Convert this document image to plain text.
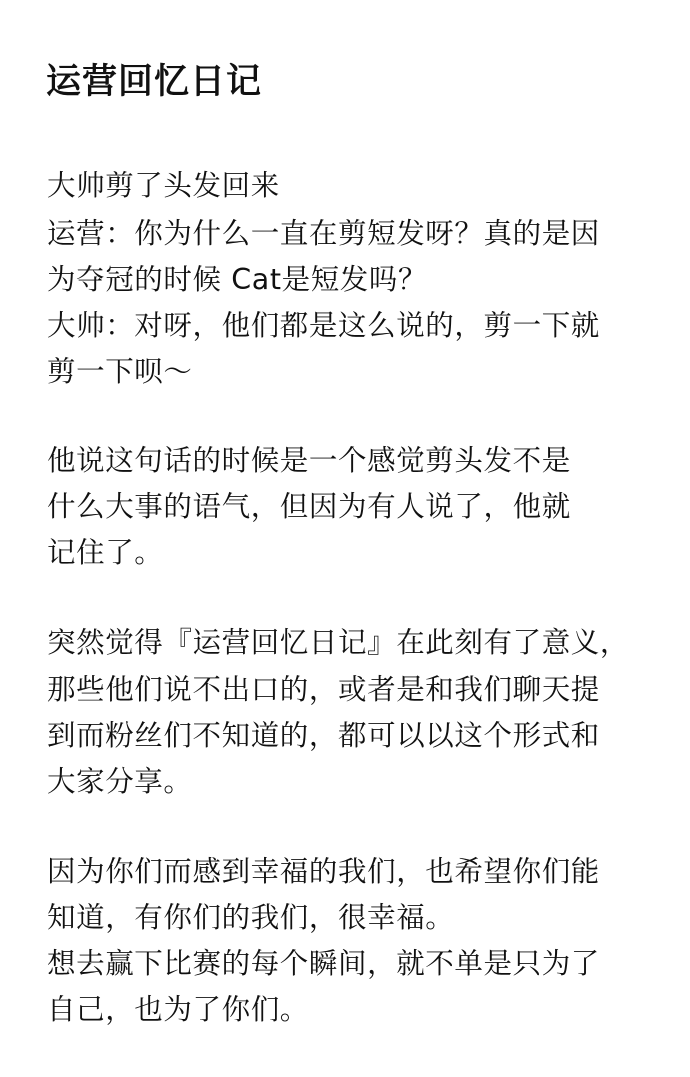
运营回忆日记
大帅剪了头发回来
运营：你为什么一直在剪短发呀？真的是因
为夺冠的时候 Cat是短发吗？
大帅：对呀，他们都是这么说的，剪一下就
剪一下呗～
他说这句话的时候是一个感觉剪头发不是
什么大事的语气，但因为有人说了，他就
记住了。
突然觉得『运营回忆日记』在此刻有了意义，
那些他们说不出口的，或者是和我们聊天提
到而粉丝们不知道的，都可以以这个形式和
大家分享。
因为你们而感到幸福的我们，也希望你们能
知道，有你们的我们，很幸福。
想去赢下比赛的每个瞬间，就不单是只为了
自己，也为了你们。
